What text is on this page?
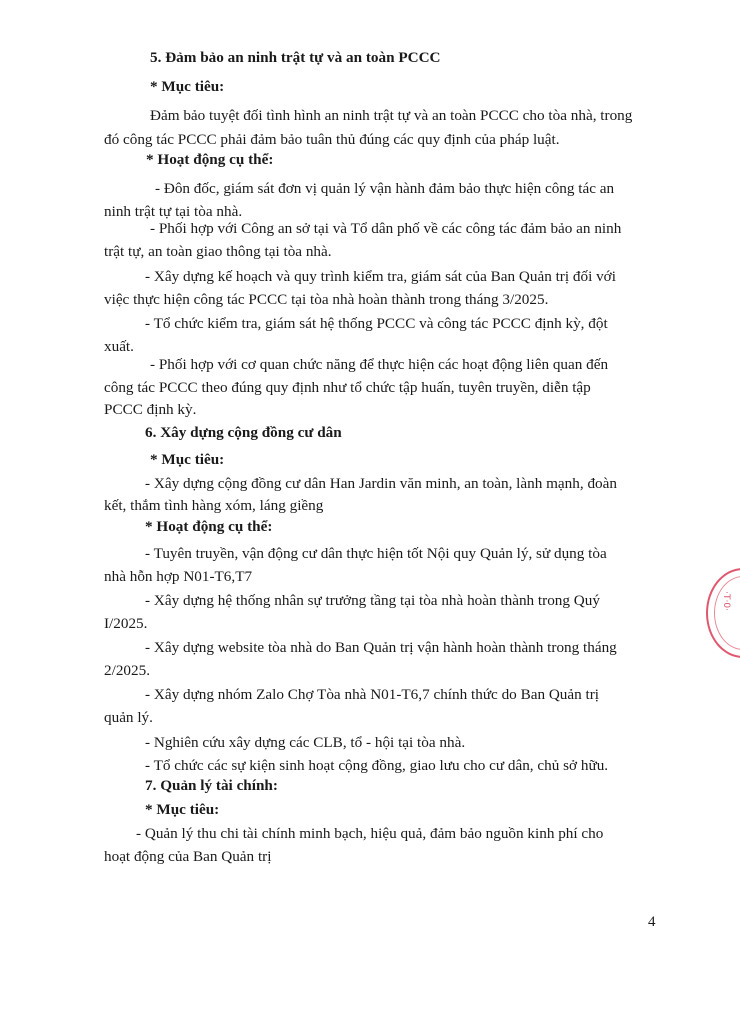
5. Đảm bảo an ninh trật tự và an toàn PCCC
* Mục tiêu:
Đảm bảo tuyệt đối tình hình an ninh trật tự và an toàn PCCC cho tòa nhà, trong
đó công tác PCCC phải đảm bảo tuân thủ đúng các quy định của pháp luật.
* Hoạt động cụ thể:
- Đôn đốc, giám sát đơn vị quản lý vận hành đảm bảo thực hiện công tác an
ninh trật tự tại tòa nhà.
- Phối hợp với Công an sở tại và Tổ dân phố về các công tác đảm bảo an ninh
trật tự, an toàn giao thông tại tòa nhà.
- Xây dựng kế hoạch và quy trình kiểm tra, giám sát của Ban Quản trị đối với
việc thực hiện công tác PCCC tại tòa nhà hoàn thành trong tháng 3/2025.
- Tổ chức kiểm tra, giám sát hệ thống PCCC và công tác PCCC định kỳ, đột
xuất.
- Phối hợp với cơ quan chức năng để thực hiện các hoạt động liên quan đến
công tác PCCC theo đúng quy định như tổ chức tập huấn, tuyên truyền, diễn tập
PCCC định kỳ.
6. Xây dựng cộng đồng cư dân
* Mục tiêu:
- Xây dựng cộng đồng cư dân Han Jardin văn minh, an toàn, lành mạnh, đoàn
kết, thắm tình hàng xóm, láng giềng
* Hoạt động cụ thể:
- Tuyên truyền, vận động cư dân thực hiện tốt Nội quy Quản lý, sử dụng tòa
nhà hỗn hợp N01-T6,T7
- Xây dựng hệ thống nhân sự trưởng tầng tại tòa nhà hoàn thành trong Quý
I/2025.
- Xây dựng website tòa nhà do Ban Quản trị vận hành hoàn thành trong tháng
2/2025.
- Xây dựng nhóm Zalo Chợ Tòa nhà N01-T6,7 chính thức do Ban Quản trị
quản lý.
- Nghiên cứu xây dựng các CLB, tổ - hội tại tòa nhà.
- Tổ chức các sự kiện sinh hoạt cộng đồng, giao lưu cho cư dân, chủ sở hữu.
7. Quản lý tài chính:
* Mục tiêu:
- Quản lý thu chi tài chính minh bạch, hiệu quả, đảm bảo nguồn kinh phí cho
hoạt động của Ban Quản trị
4
·T·0·
